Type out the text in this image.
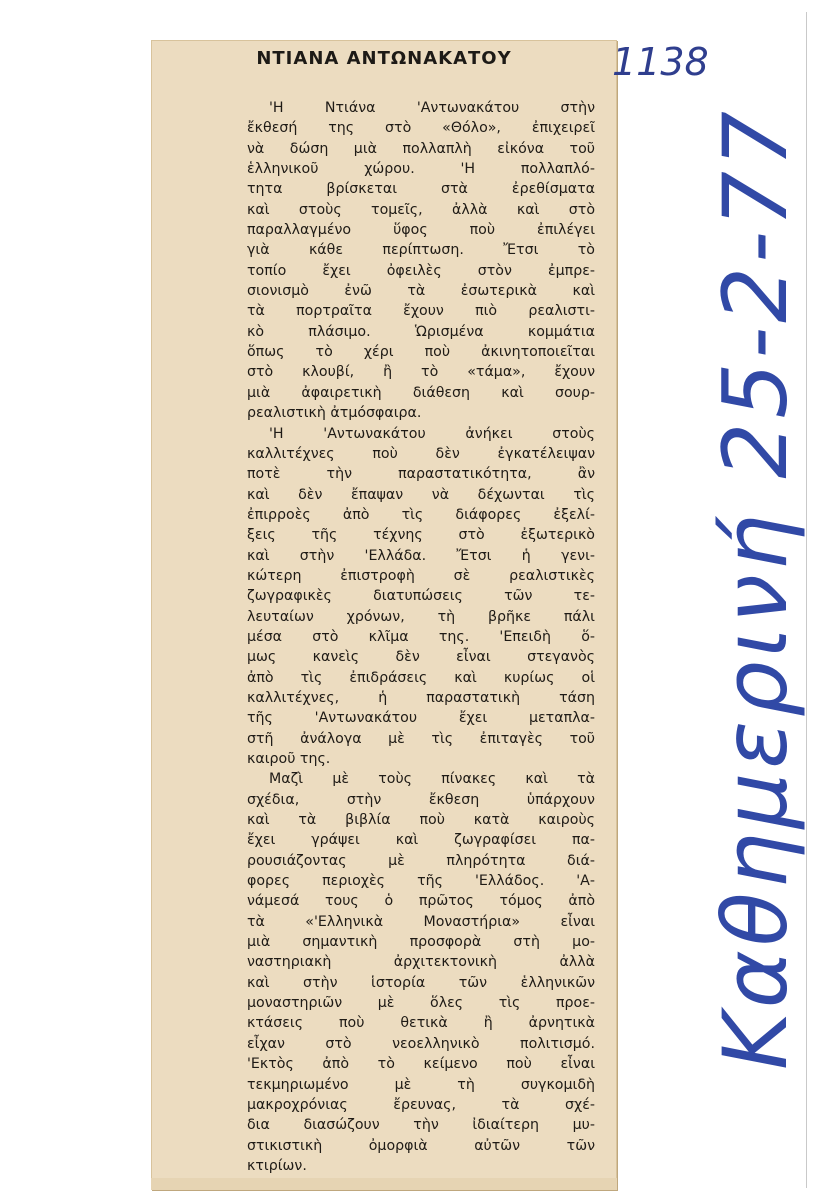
ΝΤΙΑΝΑ ΑΝΤΩΝΑΚΑΤΟΥ
'Η Ντιάνα 'Αντωνακάτου στὴν
ἔκθεσή της στὸ «Θόλο», ἐπιχειρεῖ
νὰ δώση μιὰ πολλαπλὴ εἰκόνα τοῦ
ἑλληνικοῦ χώρου. 'Η πολλαπλό-
τητα βρίσκεται στὰ ἐρεθίσματα
καὶ στοὺς τομεῖς, ἀλλὰ καὶ στὸ
παραλλαγμένο ὕφος ποὺ ἐπιλέγει
γιὰ κάθε περίπτωση. Ἔτσι τὸ
τοπίο ἔχει ὀφειλὲς στὸν ἐμπρε-
σιονισμὸ ἐνῶ τὰ ἐσωτερικὰ καὶ
τὰ πορτραῖτα ἔχουν πιὸ ρεαλιστι-
κὸ πλάσιμο. Ὡρισμένα κομμάτια
ὅπως τὸ χέρι ποὺ ἀκινητοποιεῖται
στὸ κλουβί, ἢ τὸ «τάμα», ἔχουν
μιὰ ἀφαιρετικὴ διάθεση καὶ σουρ-
ρεαλιστικὴ ἀτμόσφαιρα.
'Η 'Αντωνακάτου ἀνήκει στοὺς
καλλιτέχνες ποὺ δὲν ἐγκατέλειψαν
ποτὲ τὴν παραστατικότητα, ἂν
καὶ δὲν ἔπαψαν νὰ δέχωνται τὶς
ἐπιρροὲς ἀπὸ τὶς διάφορες ἐξελί-
ξεις τῆς τέχνης στὸ ἐξωτερικὸ
καὶ στὴν 'Ελλάδα. Ἔτσι ἡ γενι-
κώτερη ἐπιστροφὴ σὲ ρεαλιστικὲς
ζωγραφικὲς διατυπώσεις τῶν τε-
λευταίων χρόνων, τὴ βρῆκε πάλι
μέσα στὸ κλῖμα της. 'Επειδὴ ὅ-
μως κανεὶς δὲν εἶναι στεγανὸς
ἀπὸ τὶς ἐπιδράσεις καὶ κυρίως οἱ
καλλιτέχνες, ἡ παραστατικὴ τάση
τῆς 'Αντωνακάτου ἔχει μεταπλα-
στῆ ἀνάλογα μὲ τὶς ἐπιταγὲς τοῦ
καιροῦ της.
Μαζὶ μὲ τοὺς πίνακες καὶ τὰ
σχέδια, στὴν ἔκθεση ὑπάρχουν
καὶ τὰ βιβλία ποὺ κατὰ καιροὺς
ἔχει γράψει καὶ ζωγραφίσει πα-
ρουσιάζοντας μὲ πληρότητα διά-
φορες περιοχὲς τῆς 'Ελλάδος. 'Α-
νάμεσά τους ὁ πρῶτος τόμος ἀπὸ
τὰ «'Ελληνικὰ Μοναστήρια» εἶναι
μιὰ σημαντικὴ προσφορὰ στὴ μο-
ναστηριακὴ ἀρχιτεκτονικὴ ἀλλὰ
καὶ στὴν ἱστορία τῶν ἑλληνικῶν
μοναστηριῶν μὲ ὅλες τὶς προε-
κτάσεις ποὺ θετικὰ ἢ ἀρνητικὰ
εἶχαν στὸ νεοελληνικὸ πολιτισμό.
'Εκτὸς ἀπὸ τὸ κείμενο ποὺ εἶναι
τεκμηριωμένο μὲ τὴ συγκομιδὴ
μακροχρόνιας ἔρευνας, τὰ σχέ-
δια διασώζουν τὴν ἰδιαίτερη μυ-
στικιστικὴ ὀμορφιὰ αὐτῶν τῶν
κτιρίων.
1138
Καθημερινή 25-2-77
